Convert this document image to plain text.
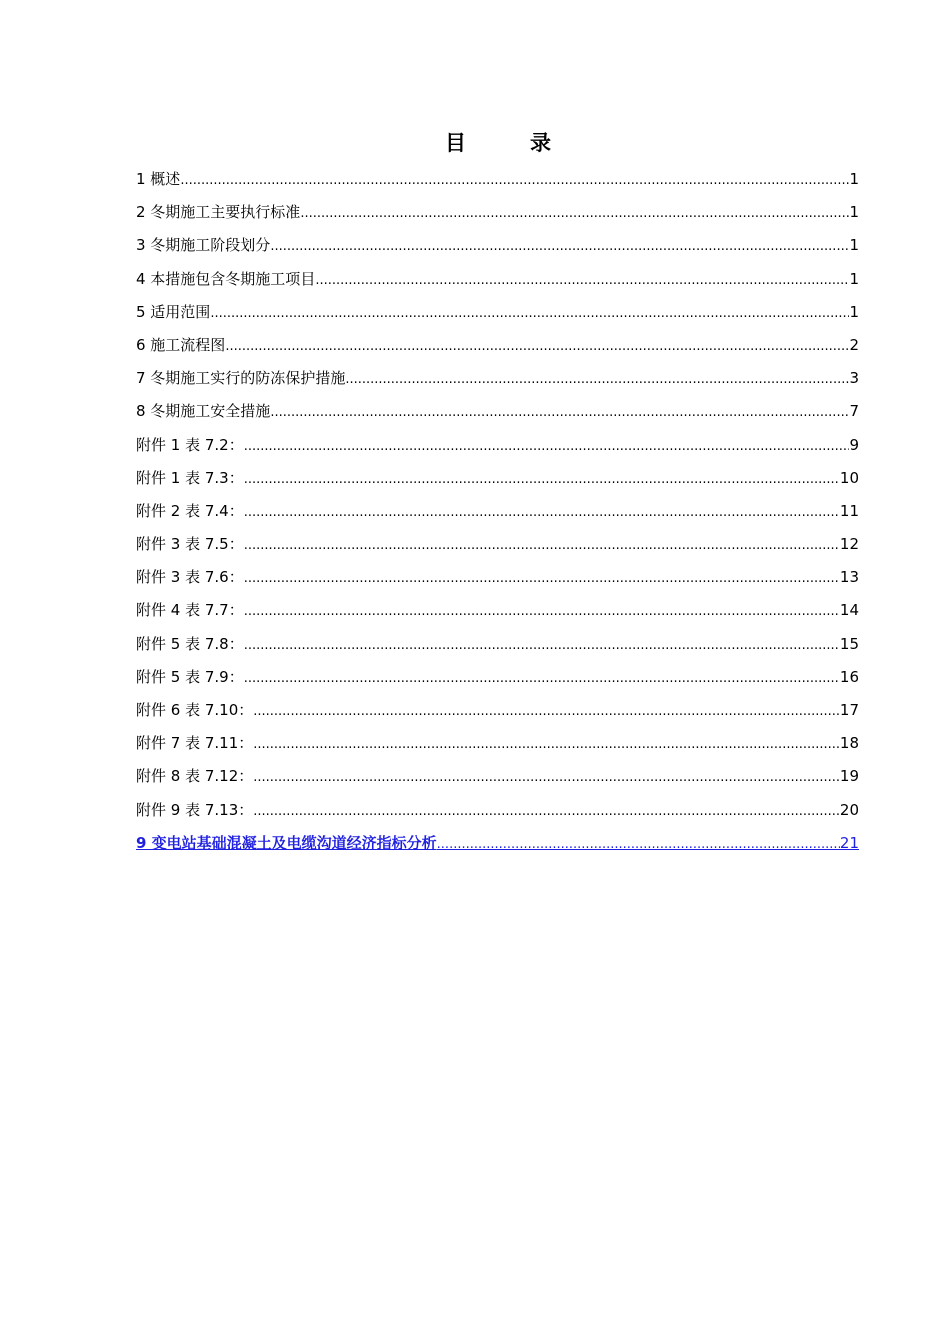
目	录
1 概述 .....	1
2 冬期施工主要执行标准 .....	1
3 冬期施工阶段划分 .....	1
4 本措施包含冬期施工项目 .....	1
5 适用范围 .....	1
6 施工流程图 .....	2
7 冬期施工实行的防冻保护措施 .....	3
8 冬期施工安全措施 .....	7
附件 1 表 7.2： .....	9
附件 1 表 7.3： .....	10
附件 2 表 7.4： .....	11
附件 3 表 7.5： .....	12
附件 3 表 7.6： .....	13
附件 4 表 7.7： .....	14
附件 5 表 7.8： .....	15
附件 5 表 7.9： .....	16
附件 6 表 7.10： .....	17
附件 7 表 7.11： .....	18
附件 8 表 7.12： .....	19
附件 9 表 7.13： .....	20
9 变电站基础混凝土及电缆沟道经济指标分析 .....	21
